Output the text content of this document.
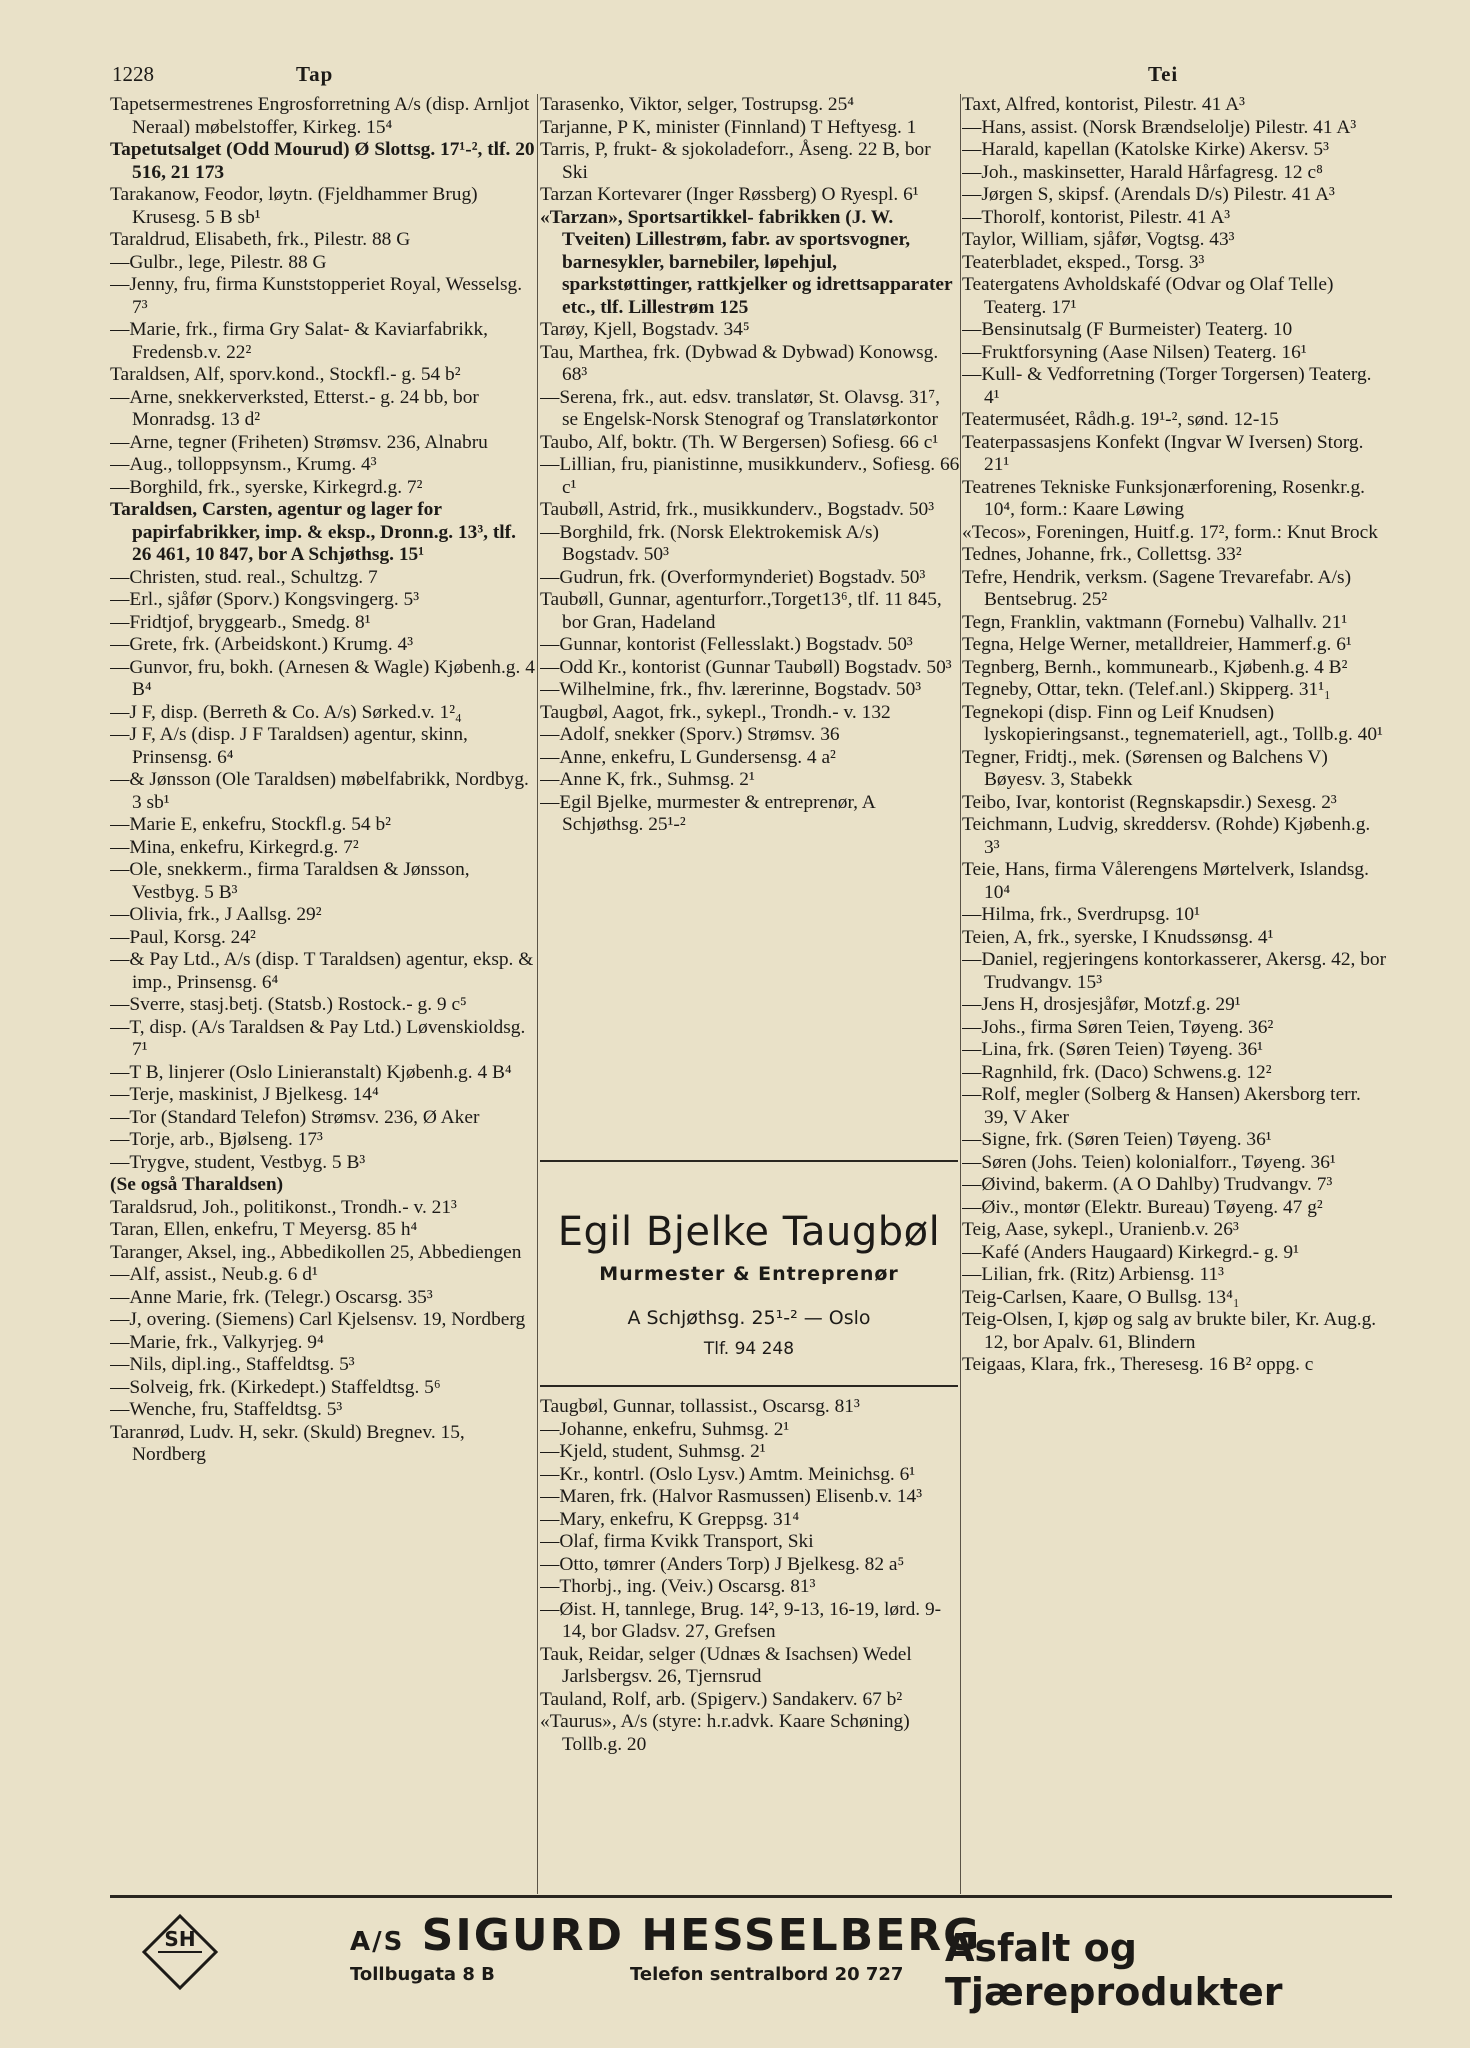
1228	Tap	Tei

Tapetsermestrenes Engrosforretning A/s (disp. Arnljot Neraal) møbelstoffer, Kirkeg. 15⁴

Tapetutsalget (Odd Mourud) Ø Slottsg. 17¹‐², tlf. 20 516, 21 173

Tarakanow, Feodor, løytn. (Fjeldhammer Brug) Krusesg. 5 B sb¹

Taraldrud, Elisabeth, frk., Pilestr. 88 G

—Gulbr., lege, Pilestr. 88 G

—Jenny, fru, firma Kunststopperiet Royal, Wesselsg. 7³

—Marie, frk., firma Gry Salat- & Kaviarfabrikk, Fredensb.v. 22²

Taraldsen, Alf, sporv.kond., Stockfl.- g. 54 b²

—Arne, snekkerverksted, Etterst.- g. 24 bb, bor Monradsg. 13 d²

—Arne, tegner (Friheten) Strømsv. 236, Alnabru

—Aug., tolloppsynsm., Krumg. 4³

—Borghild, frk., syerske, Kirkegrd.g. 7²

Taraldsen, Carsten, agentur og lager for papirfabrikker, imp. & eksp., Dronn.g. 13³, tlf. 26 461, 10 847, bor A Schjøthsg. 15¹

—Christen, stud. real., Schultzg. 7

—Erl., sjåfør (Sporv.) Kongsvingerg. 5³

—Fridtjof, bryggearb., Smedg. 8¹

—Grete, frk. (Arbeidskont.) Krumg. 4³

—Gunvor, fru, bokh. (Arnesen & Wagle) Kjøbenh.g. 4 B⁴

—J F, disp. (Berreth & Co. A/s) Sørked.v. 1²₄

—J F, A/s (disp. J F Taraldsen) agentur, skinn, Prinsensg. 6⁴

—& Jønsson (Ole Taraldsen) møbelfabrikk, Nordbyg. 3 sb¹

—Marie E, enkefru, Stockfl.g. 54 b²

—Mina, enkefru, Kirkegrd.g. 7²

—Ole, snekkerm., firma Taraldsen & Jønsson, Vestbyg. 5 B³

—Olivia, frk., J Aallsg. 29²

—Paul, Korsg. 24²

—& Pay Ltd., A/s (disp. T Taraldsen) agentur, eksp. & imp., Prinsensg. 6⁴

—Sverre, stasj.betj. (Statsb.) Rostock.- g. 9 c⁵

—T, disp. (A/s Taraldsen & Pay Ltd.) Løvenskioldsg. 7¹

—T B, linjerer (Oslo Linieranstalt) Kjøbenh.g. 4 B⁴

—Terje, maskinist, J Bjelkesg. 14⁴

—Tor (Standard Telefon) Strømsv. 236, Ø Aker

—Torje, arb., Bjølseng. 17³

—Trygve, student, Vestbyg. 5 B³

(Se også Tharaldsen)

Taraldsrud, Joh., politikonst., Trondh.- v. 21³

Taran, Ellen, enkefru, T Meyersg. 85 h⁴

Taranger, Aksel, ing., Abbedikollen 25, Abbediengen

—Alf, assist., Neub.g. 6 d¹

—Anne Marie, frk. (Telegr.) Oscarsg. 35³

—J, overing. (Siemens) Carl Kjelsensv. 19, Nordberg

—Marie, frk., Valkyrjeg. 9⁴

—Nils, dipl.ing., Staffeldtsg. 5³

—Solveig, frk. (Kirkedept.) Staffeldtsg. 5⁶

—Wenche, fru, Staffeldtsg. 5³

Taranrød, Ludv. H, sekr. (Skuld) Bregnev. 15, Nordberg

Tarasenko, Viktor, selger, Tostrupsg. 25⁴

Tarjanne, P K, minister (Finnland) T Heftyesg. 1

Tarris, P, frukt- & sjokoladeforr., Åseng. 22 B, bor Ski

Tarzan Kortevarer (Inger Røssberg) O Ryespl. 6¹

«Tarzan», Sportsartikkel- fabrikken (J. W. Tveiten) Lillestrøm, fabr. av sportsvogner, barnesykler, barnebiler, løpehjul, sparkstøttinger, rattkjelker og idrettsapparater etc., tlf. Lillestrøm 125

Tarøy, Kjell, Bogstadv. 34⁵

Tau, Marthea, frk. (Dybwad & Dybwad) Konowsg. 68³

—Serena, frk., aut. edsv. translatør, St. Olavsg. 31⁷, se Engelsk-Norsk Stenograf og Translatørkontor

Taubo, Alf, boktr. (Th. W Bergersen) Sofiesg. 66 c¹

—Lillian, fru, pianistinne, musikkunderv., Sofiesg. 66 c¹

Taubøll, Astrid, frk., musikkunderv., Bogstadv. 50³

—Borghild, frk. (Norsk Elektrokemisk A/s) Bogstadv. 50³

—Gudrun, frk. (Overformynderiet) Bogstadv. 50³

Taubøll, Gunnar, agenturforr.,Torget13⁶, tlf. 11 845, bor Gran, Hadeland

—Gunnar, kontorist (Fellesslakt.) Bogstadv. 50³

—Odd Kr., kontorist (Gunnar Taubøll) Bogstadv. 50³

—Wilhelmine, frk., fhv. lærerinne, Bogstadv. 50³

Taugbøl, Aagot, frk., sykepl., Trondh.- v. 132

—Adolf, snekker (Sporv.) Strømsv. 36

—Anne, enkefru, L Gundersensg. 4 a²

—Anne K, frk., Suhmsg. 2¹

—Egil Bjelke, murmester & entreprenør, A Schjøthsg. 25¹‐²

Egil Bjelke Taugbøl
Murmester & Entreprenør
A Schjøthsg. 25¹‐² — Oslo
Tlf. 94 248

Taugbøl, Gunnar, tollassist., Oscarsg. 81³

—Johanne, enkefru, Suhmsg. 2¹

—Kjeld, student, Suhmsg. 2¹

—Kr., kontrl. (Oslo Lysv.) Amtm. Meinichsg. 6¹

—Maren, frk. (Halvor Rasmussen) Elisenb.v. 14³

—Mary, enkefru, K Greppsg. 31⁴

—Olaf, firma Kvikk Transport, Ski

—Otto, tømrer (Anders Torp) J Bjelkesg. 82 a⁵

—Thorbj., ing. (Veiv.) Oscarsg. 81³

—Øist. H, tannlege, Brug. 14², 9-13, 16-19, lørd. 9-14, bor Gladsv. 27, Grefsen

Tauk, Reidar, selger (Udnæs & Isachsen) Wedel Jarlsbergsv. 26, Tjernsrud

Tauland, Rolf, arb. (Spigerv.) Sandakerv. 67 b²

«Taurus», A/s (styre: h.r.advk. Kaare Schøning) Tollb.g. 20

Taxt, Alfred, kontorist, Pilestr. 41 A³

—Hans, assist. (Norsk Brændselolje) Pilestr. 41 A³

—Harald, kapellan (Katolske Kirke) Akersv. 5³

—Joh., maskinsetter, Harald Hårfagresg. 12 c⁸

—Jørgen S, skipsf. (Arendals D/s) Pilestr. 41 A³

—Thorolf, kontorist, Pilestr. 41 A³

Taylor, William, sjåfør, Vogtsg. 43³

Teaterbladet, eksped., Torsg. 3³

Teatergatens Avholdskafé (Odvar og Olaf Telle) Teaterg. 17¹

—Bensinutsalg (F Burmeister) Teaterg. 10

—Fruktforsyning (Aase Nilsen) Teaterg. 16¹

—Kull- & Vedforretning (Torger Torgersen) Teaterg. 4¹

Teatermuséet, Rådh.g. 19¹‐², sønd. 12-15

Teaterpassasjens Konfekt (Ingvar W Iversen) Storg. 21¹

Teatrenes Tekniske Funksjonærforening, Rosenkr.g. 10⁴, form.: Kaare Løwing

«Tecos», Foreningen, Huitf.g. 17², form.: Knut Brock

Tednes, Johanne, frk., Collettsg. 33²

Tefre, Hendrik, verksm. (Sagene Trevarefabr. A/s) Bentsebrug. 25²

Tegn, Franklin, vaktmann (Fornebu) Valhallv. 21¹

Tegna, Helge Werner, metalldreier, Hammerf.g. 6¹

Tegnberg, Bernh., kommunearb., Kjøbenh.g. 4 B²

Tegneby, Ottar, tekn. (Telef.anl.) Skipperg. 31¹₁

Tegnekopi (disp. Finn og Leif Knudsen) lyskopieringsanst., tegnemateriell, agt., Tollb.g. 40¹

Tegner, Fridtj., mek. (Sørensen og Balchens V) Bøyesv. 3, Stabekk

Teibo, Ivar, kontorist (Regnskapsdir.) Sexesg. 2³

Teichmann, Ludvig, skreddersv. (Rohde) Kjøbenh.g. 3³

Teie, Hans, firma Vålerengens Mørtelverk, Islandsg. 10⁴

—Hilma, frk., Sverdrupsg. 10¹

Teien, A, frk., syerske, I Knudssønsg. 4¹

—Daniel, regjeringens kontorkasserer, Akersg. 42, bor Trudvangv. 15³

—Jens H, drosjesjåfør, Motzf.g. 29¹

—Johs., firma Søren Teien, Tøyeng. 36²

—Lina, frk. (Søren Teien) Tøyeng. 36¹

—Ragnhild, frk. (Daco) Schwens.g. 12²

—Rolf, megler (Solberg & Hansen) Akersborg terr. 39, V Aker

—Signe, frk. (Søren Teien) Tøyeng. 36¹

—Søren (Johs. Teien) kolonialforr., Tøyeng. 36¹

—Øivind, bakerm. (A O Dahlby) Trudvangv. 7³

—Øiv., montør (Elektr. Bureau) Tøyeng. 47 g²

Teig, Aase, sykepl., Uranienb.v. 26³

—Kafé (Anders Haugaard) Kirkegrd.- g. 9¹

—Lilian, frk. (Ritz) Arbiensg. 11³

Teig-Carlsen, Kaare, O Bullsg. 13⁴₁

Teig-Olsen, I, kjøp og salg av brukte biler, Kr. Aug.g. 12, bor Apalv. 61, Blindern

Teigaas, Klara, frk., Theresesg. 16 B² oppg. c

SH	A/S SIGURD HESSELBERG
Tollbugata 8 B	Telefon sentralbord 20 727
Asfalt og Tjæreprodukter
